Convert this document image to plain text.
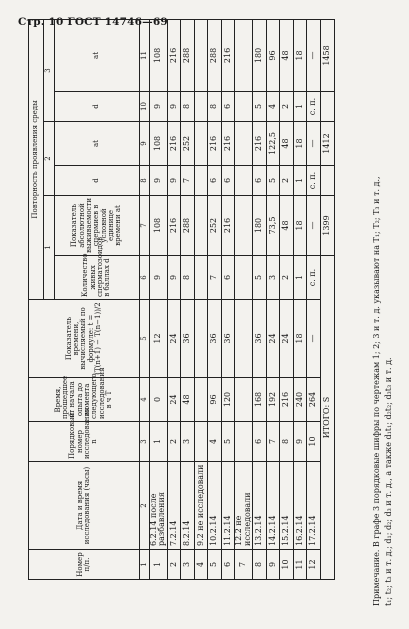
Стр. 10 ГОСТ 14746—69
Номер п/п.	Дата и время исследования (часы)	Порядковый номер исследования n	Время, прошедшее от начала опыта до момента следующего исследования в ч T	Показатель времени, вычисляемый по формуле: t = (T(n+1) − T(n−1))/2	Повторность проявления среды					
					1		2		3	
					Количество живых сперматозоидов в баллах d	Показатель абсолютной выживаемости спермиев в условной единице времени at	d	at	d	at
1	2	3	4	5	6	7	8	9	10	11
1	6.2.14 после разбавления	1	0	12	9	108	9	108	9	108
2	7.2.14	2	24	24	9	216	9	216	9	216
3	8.2.14	3	48	36	8	288	7	252	8	288
4	9.2 не исследовали									
5	10.2.14	4	96	36	7	252	6	216	8	288
6	11.2.14	5	120	36	6	216	6	216	6	216
7	12.2 не исследовали									
8	13.2.14	6	168	36	5	180	6	216	5	180
9	14.2.14	7	192	24	3	73,5	5	122,5	4	96
10	15.2.14	8	216	24	2	48	2	48	2	48
11	16.2.14	9	240	18	1	18	1	18	1	18
12	17.2.14	10	264	—	с. п.	—	с. п.	—	с. п.	—
ИТОГО: S						1399		1412		1458
Примечание. В графе 3 порядковые шифры по чертежам 1; 2; 3 и т. д. указывают на T₁; T₂; T₃ и т. д., t₁; t₂; t₃ и т. д.; d₁; d₂; d₃ и т. д., а также d₁t₁; d₂t₂; d₃t₃ и т. д.
